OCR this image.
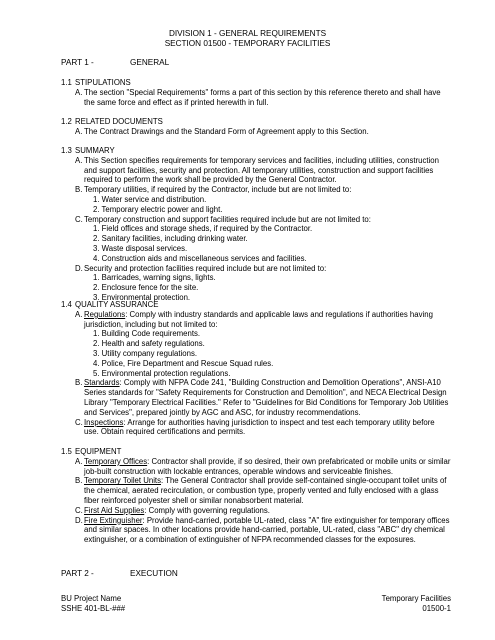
DIVISION 1 - GENERAL REQUIREMENTS
SECTION 01500 - TEMPORARY FACILITIES
PART 1 -	GENERAL
1.1 STIPULATIONS
A. The section "Special Requirements" forms a part of this section by this reference thereto and shall have the same force and effect as if printed herewith in full.
1.2 RELATED DOCUMENTS
A. The Contract Drawings and the Standard Form of Agreement apply to this Section.
1.3 SUMMARY
A. This Section specifies requirements for temporary services and facilities, including utilities, construction and support facilities, security and protection. All temporary utilities, construction and support facilities required to perform the work shall be provided by the General Contractor.
B. Temporary utilities, if required by the Contractor, include but are not limited to:
1. Water service and distribution.
2. Temporary electric power and light.
C. Temporary construction and support facilities required include but are not limited to:
1. Field offices and storage sheds, if required by the Contractor.
2. Sanitary facilities, including drinking water.
3. Waste disposal services.
4. Construction aids and miscellaneous services and facilities.
D. Security and protection facilities required include but are not limited to:
1. Barricades, warning signs, lights.
2. Enclosure fence for the site.
3. Environmental protection.
1.4 QUALITY ASSURANCE
A. Regulations: Comply with industry standards and applicable laws and regulations if authorities having jurisdiction, including but not limited to:
1. Building Code requirements.
2. Health and safety regulations.
3. Utility company regulations.
4. Police, Fire Department and Rescue Squad rules.
5. Environmental protection regulations.
B. Standards: Comply with NFPA Code 241, "Building Construction and Demolition Operations", ANSI-A10 Series standards for "Safety Requirements for Construction and Demolition", and NECA Electrical Design Library "Temporary Electrical Facilities." Refer to "Guidelines for Bid Conditions for Temporary Job Utilities and Services", prepared jointly by AGC and ASC, for industry recommendations.
C. Inspections: Arrange for authorities having jurisdiction to inspect and test each temporary utility before use. Obtain required certifications and permits.
1.5 EQUIPMENT
A. Temporary Offices: Contractor shall provide, if so desired, their own prefabricated or mobile units or similar job-built construction with lockable entrances, operable windows and serviceable finishes.
B. Temporary Toilet Units: The General Contractor shall provide self-contained single-occupant toilet units of the chemical, aerated recirculation, or combustion type, properly vented and fully enclosed with a glass fiber reinforced polyester shell or similar nonabsorbent material.
C. First Aid Supplies: Comply with governing regulations.
D. Fire Extinguisher: Provide hand-carried, portable UL-rated, class "A" fire extinguisher for temporary offices and similar spaces. In other locations provide hand-carried, portable, UL-rated, class "ABC" dry chemical extinguisher, or a combination of extinguisher of NFPA recommended classes for the exposures.
PART 2 -	EXECUTION
BU Project Name
SSHE 401-BL-###
Temporary Facilities
01500-1
